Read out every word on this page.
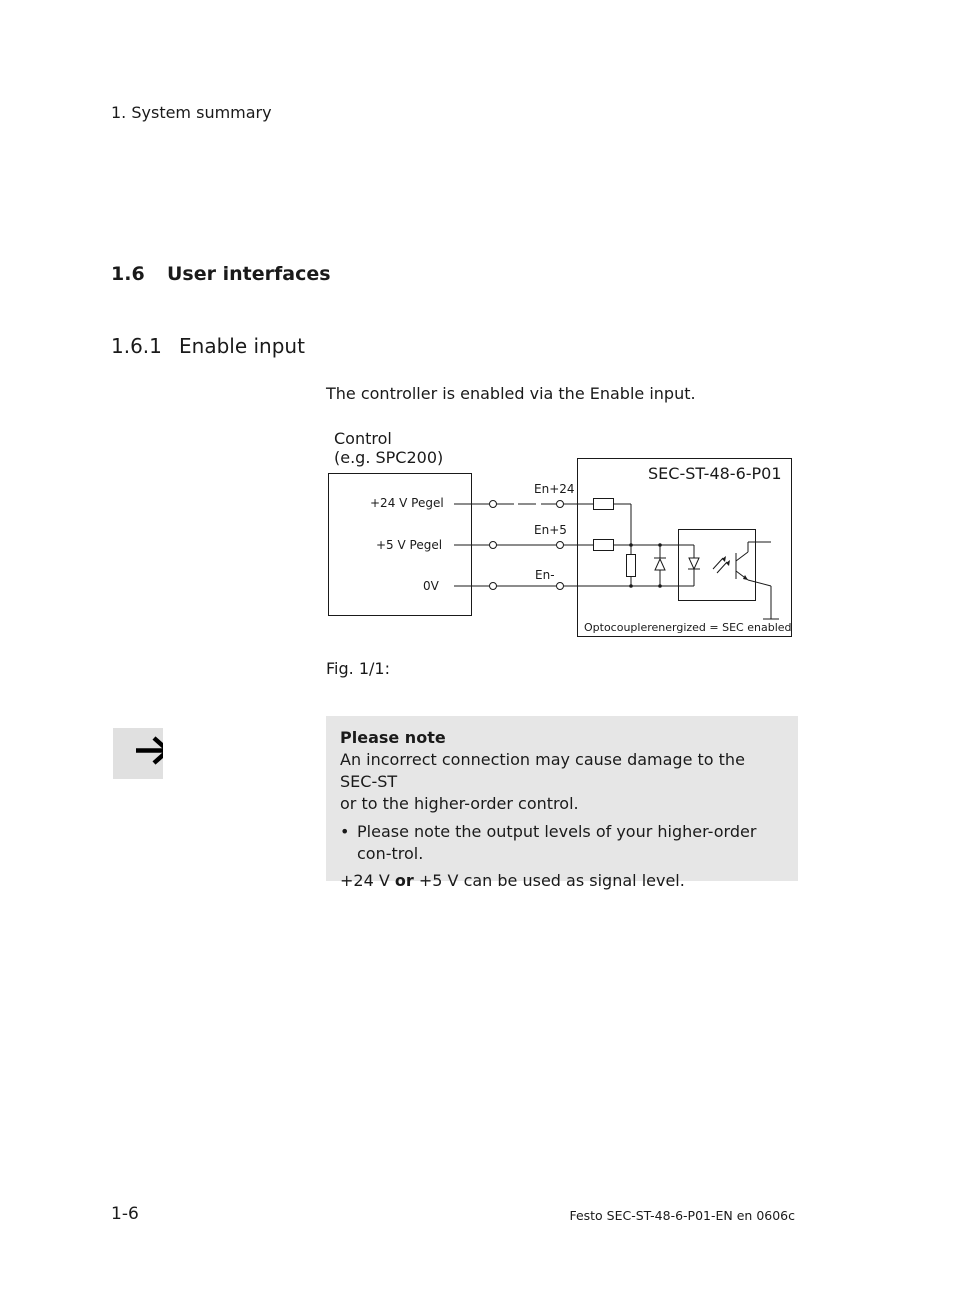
1. System summary
1.6 User interfaces
1.6.1 Enable input
The controller is enabled via the Enable input.
Control
(e.g. SPC200)
SEC-ST-48-6-P01
+24 V Pegel
+5 V Pegel
0V
En+24
En+5
En-
Optocouplerenergized = SEC enabled
Fig. 1/1:
Please note
An incorrect connection may cause damage to the SEC-ST
or to the higher-order control.
• Please note the output levels of your higher-order con-trol.
+24 V or +5 V can be used as signal level.
1-6	Festo SEC-ST-48-6-P01-EN en 0606c
